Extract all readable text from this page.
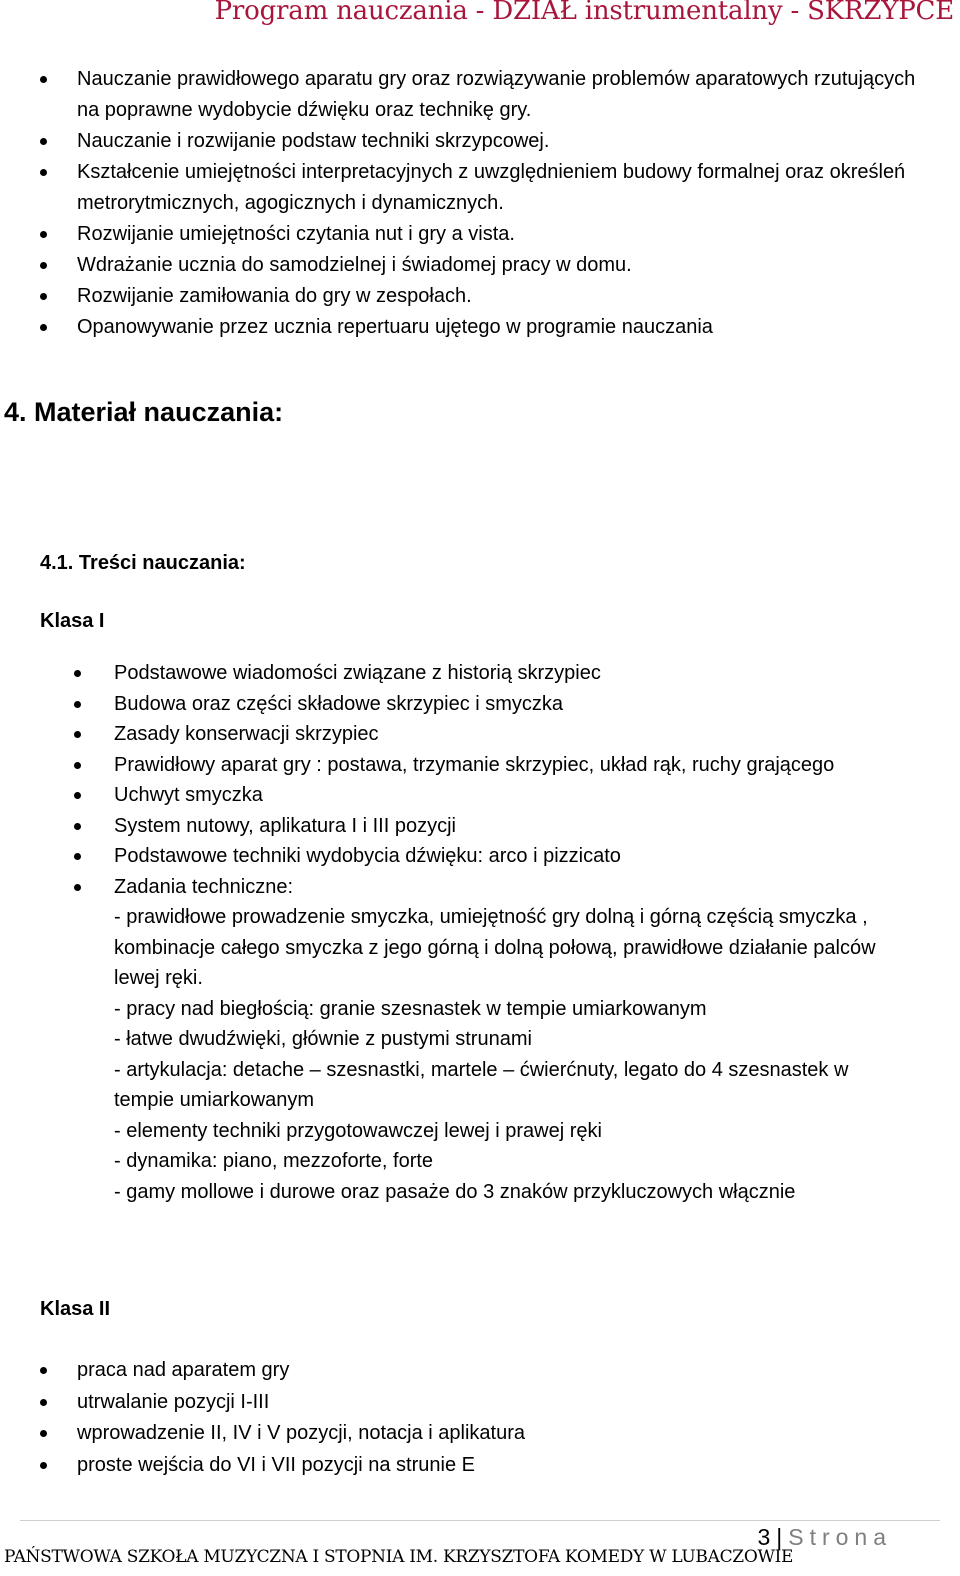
Program nauczania - DZIAŁ instrumentalny - SKRZYPCE
Nauczanie prawidłowego aparatu gry oraz rozwiązywanie problemów aparatowych rzutujących na poprawne wydobycie dźwięku oraz technikę gry.
Nauczanie i rozwijanie podstaw techniki skrzypcowej.
Kształcenie umiejętności interpretacyjnych z uwzględnieniem budowy formalnej oraz określeń metrorytmicznych, agogicznych i dynamicznych.
Rozwijanie umiejętności czytania nut i gry a vista.
Wdrażanie ucznia do samodzielnej i świadomej pracy w domu.
Rozwijanie zamiłowania do gry w zespołach.
Opanowywanie przez ucznia repertuaru ujętego w programie nauczania
4. Materiał nauczania:
4.1. Treści nauczania:
Klasa I
Podstawowe wiadomości związane z historią skrzypiec
Budowa oraz części składowe skrzypiec i smyczka
Zasady konserwacji skrzypiec
Prawidłowy aparat gry : postawa, trzymanie skrzypiec, układ rąk, ruchy grającego
Uchwyt smyczka
System nutowy, aplikatura I i III pozycji
Podstawowe techniki wydobycia dźwięku: arco i pizzicato
Zadania techniczne:
- prawidłowe prowadzenie smyczka, umiejętność gry dolną i górną częścią smyczka , kombinacje całego smyczka z jego górną i dolną połową, prawidłowe działanie palców lewej ręki.
- pracy nad biegłością: granie szesnastek w tempie umiarkowanym
- łatwe dwudźwięki, głównie z pustymi strunami
- artykulacja: detache – szesnastki, martele – ćwierćnuty, legato do 4 szesnastek w tempie umiarkowanym
- elementy techniki przygotowawczej lewej i prawej ręki
- dynamika: piano, mezzoforte, forte
- gamy mollowe i durowe oraz pasaże do 3 znaków przykluczowych włącznie
Klasa II
praca nad aparatem gry
utrwalanie pozycji I-III
wprowadzenie II, IV i V pozycji, notacja i aplikatura
proste wejścia do VI i VII pozycji na strunie E
3 | Strona
PAŃSTWOWA SZKOŁA MUZYCZNA I STOPNIA IM. KRZYSZTOFA KOMEDY W LUBACZOWIE
